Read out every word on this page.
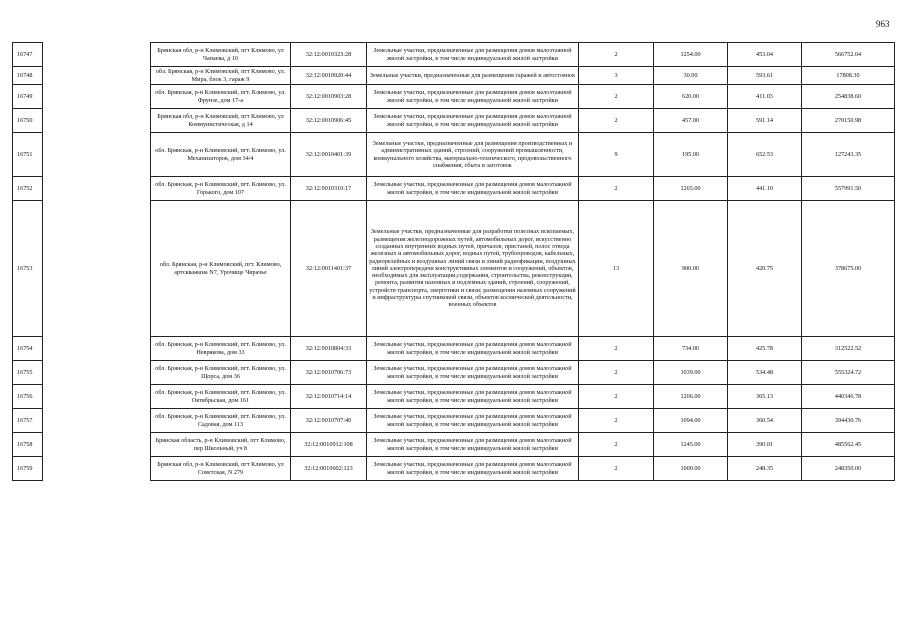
963
16747		Брянская обл, р-н Климовский, пгт Климово, ул Чапаева, д 10	32:12:0010323:28	Земельные участки, предназначенные для размещения домов малоэтажной жилой застройки, в том числе индивидуальной жилой застройки	2	1254.00	453.04	566752.04
16748		обл. Брянская, р-н Климовский, пгт Климово, ул. Мира, блок 3, гараж 9	32:12:0010920:44	Земельные участки, предназначенные для размещения гаражей и автостоянок	3	30.00	593.61	17808.30
16749		обл. Брянская, р-н Климовский, пгт. Климово, ул. Фрунзе, дом 17-а	32:12:0010903:28	Земельные участки, предназначенные для размещения домов малоэтажной жилой застройки, в том числе индивидуальной жилой застройки	2	620.00	411.03	254838.60
16750		Брянская обл, р-н Климовский, пгт Климово, ул Коммунистическая, д 14	32:12:0010906:45	Земельные участки, предназначенные для размещения домов малоэтажной жилой застройки, в том числе индивидуальной жилой застройки	2	457.00	591.14	270150.98
16751		обл. Брянская, р-н Климовский, пгт. Климово, ул. Механизаторов, дом 34/4	32:12:0010401:39	Земельные участки, предназначенные для размещения производственных и административных зданий, строений, сооружений промышленности, коммунального хозяйства, материально-технического, продовольственного снабжения, сбыта и заготовок	9	195.00	652.53	127243.35
16752		обл. Брянская, р-н Климовский, пгт. Климово, ул. Горького, дом 107	32:12:0010310:17	Земельные участки, предназначенные для размещения домов малоэтажной жилой застройки, в том числе индивидуальной жилой застройки	2	1265.00	441.10	557991.50
16753		обл. Брянская, р-н Климовский, пгт. Климово, артскважина N7, Урочище Чирачье	32:12:0011401:37	Земельные участки, предназначенные для разработки полезных ископаемых, размещения железнодорожных путей, автомобильных дорог, искусственно созданных внутренних водных путей, причалов, пристаней, полос отвода железных и автомобильных дорог, водных путей, трубопроводов, кабельных, радиорелейных и воздушных линий связи и линий радиофикации, воздушных линий электропередачи конструктивных элементов и сооружений, объектов, необходимых для эксплуатации,содержания, строительства, реконструкции, ремонта, развития наземных и подземных зданий, строений, сооружений, устройств транспорта, энергетики и связи; размещения наземных сооружений и инфраструктуры спутниковой связи, объектов космической деятельности, военных объектов	13	900.00	420.75	378675.00
16754		обл. Брянская, р-н Климовский, пгт. Климово, ул. Неврякова, дом 33	32:12:0010804:33	Земельные участки, предназначенные для размещения домов малоэтажной жилой застройки, в том числе индивидуальной жилой застройки	2	734.00	425.78	312522.52
16755		обл. Брянская, р-н Климовский, пгт. Климово, ул. Щорса, дом 36	32:12:0010706:73	Земельные участки, предназначенные для размещения домов малоэтажной жилой застройки, в том числе индивидуальной жилой застройки	2	1039.00	534.48	555324.72
16756		обл. Брянская, р-н Климовский, пгт. Климово, ул. Октябрьская, дом 161	32:12:0010714:14	Земельные участки, предназначенные для размещения домов малоэтажной жилой застройки, в том числе индивидуальной жилой застройки	2	1206.00	365.13	440346.78
16757		обл. Брянская, р-н Климовский, пгт. Климово, ул. Садовая, дом 113	32:12:0010707:40	Земельные участки, предназначенные для размещения домов малоэтажной жилой застройки, в том числе индивидуальной жилой застройки	2	1094.00	360.54	394430.76
16758		Брянская область, р-н Климовский, пгт Климово, пер Школьный, уч 8	32:12:0010912:108	Земельные участки, предназначенные для размещения домов малоэтажной жилой застройки, в том числе индивидуальной жилой застройки	2	1245.00	390.01	485562.45
16759		Брянская обл, р-н Климовский, пгт Климово, ул Советская, N 279	32:12:0010602:123	Земельные участки, предназначенные для размещения домов малоэтажной жилой застройки, в том числе индивидуальной жилой застройки	2	1000.00	248.35	248350.00
